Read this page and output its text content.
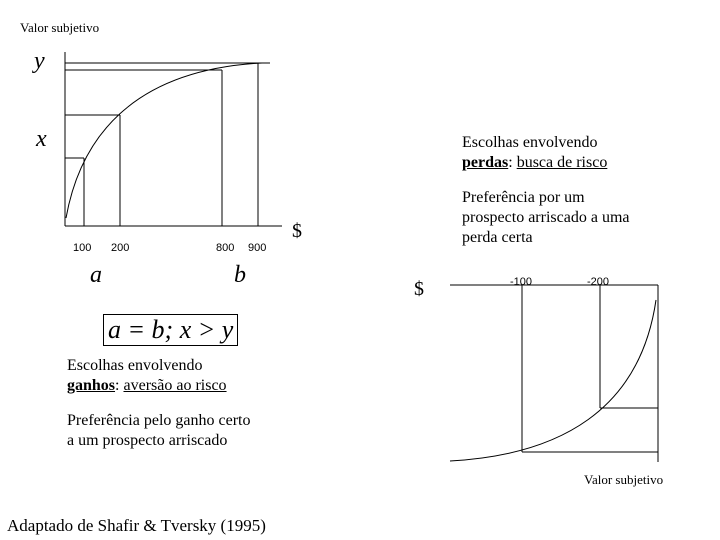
Valor subjetivo
y
x
100 200	800 900
a	b
$
Escolhas envolvendo
perdas: busca de risco
Preferência por um
prospecto arriscado a uma
perda certa
$	-100	-200
Valor subjetivo
a = b; x > y
Escolhas envolvendo
ganhos: aversão ao risco
Preferência pelo ganho certo
a um prospecto arriscado
Adaptado de Shafir & Tversky (1995)
